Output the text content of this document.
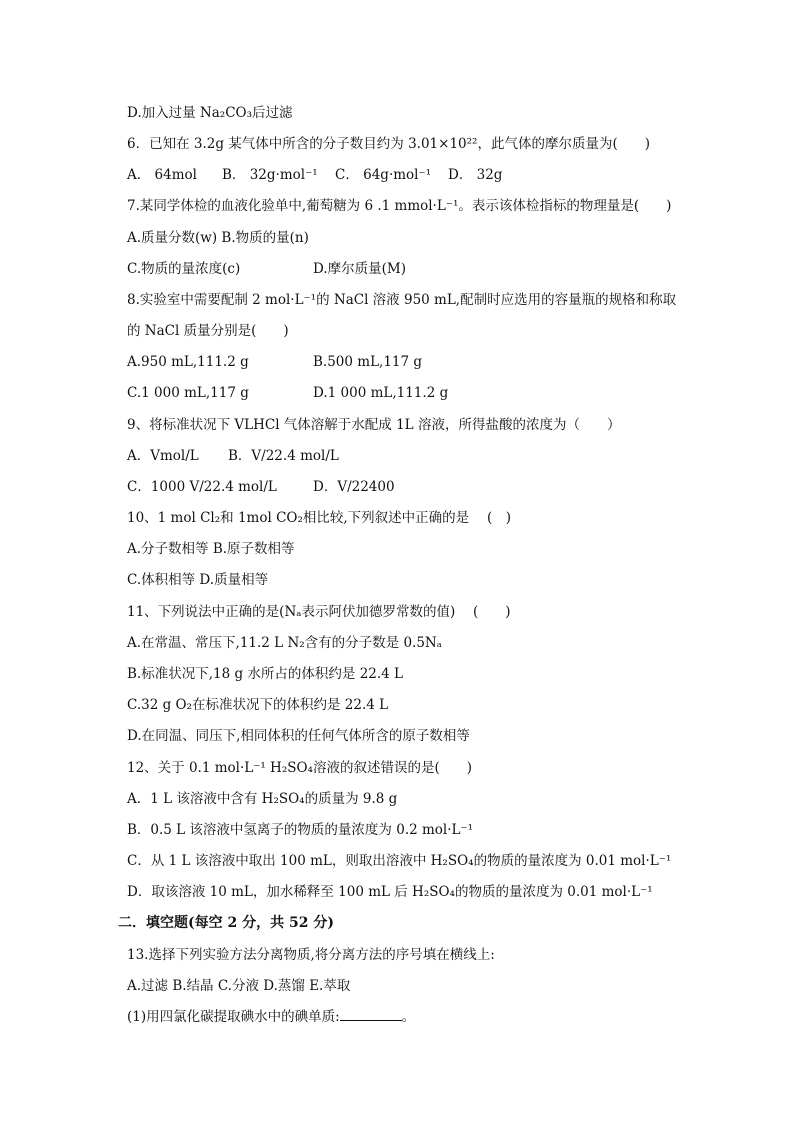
D.加入过量 Na₂CO₃后过滤
6．已知在 3.2g 某气体中所含的分子数目约为 3.01×10²²，此气体的摩尔质量为(　　)
A． 64mol B． 32g·mol⁻¹ C． 64g·mol⁻¹ D． 32g
7.某同学体检的血液化验单中,葡萄糖为 6 .1 mmol·L⁻¹。表示该体检指标的物理量是(　　)
A.质量分数(w) B.物质的量(n)
C.物质的量浓度(c)	D.摩尔质量(M)
8.实验室中需要配制 2 mol·L⁻¹的 NaCl 溶液 950 mL,配制时应选用的容量瓶的规格和称取
的 NaCl 质量分别是(　　)
A.950 mL,111.2 g	B.500 mL,117 g
C.1 000 mL,117 g	D.1 000 mL,111.2 g
9、将标准状况下 VLHCl 气体溶解于水配成 1L 溶液，所得盐酸的浓度为（　　）
A．Vmol/L B．V/22.4 mol/L
C．1000 V/22.4 mol/L	D．V/22400
10、1 mol Cl₂和 1mol CO₂相比较,下列叙述中正确的是　 (　)
A.分子数相等 B.原子数相等
C.体积相等 D.质量相等
11、下列说法中正确的是(Nₐ表示阿伏加德罗常数的值)　 (　　)
A.在常温、常压下,11.2 L N₂含有的分子数是 0.5Nₐ
B.标准状况下,18 g 水所占的体积约是 22.4 L
C.32 g O₂在标准状况下的体积约是 22.4 L
D.在同温、同压下,相同体积的任何气体所含的原子数相等
12、关于 0.1 mol·L⁻¹ H₂SO₄溶液的叙述错误的是(　　)
A．1 L 该溶液中含有 H₂SO₄的质量为 9.8 g
B．0.5 L 该溶液中氢离子的物质的量浓度为 0.2 mol·L⁻¹
C．从 1 L 该溶液中取出 100 mL，则取出溶液中 H₂SO₄的物质的量浓度为 0.01 mol·L⁻¹
D．取该溶液 10 mL，加水稀释至 100 mL 后 H₂SO₄的物质的量浓度为 0.01 mol·L⁻¹
二．填空题(每空 2 分，共 52 分)
13.选择下列实验方法分离物质,将分离方法的序号填在横线上:
A.过滤 B.结晶 C.分液 D.蒸馏 E.萃取
(1)用四氯化碳提取碘水中的碘单质:	。
